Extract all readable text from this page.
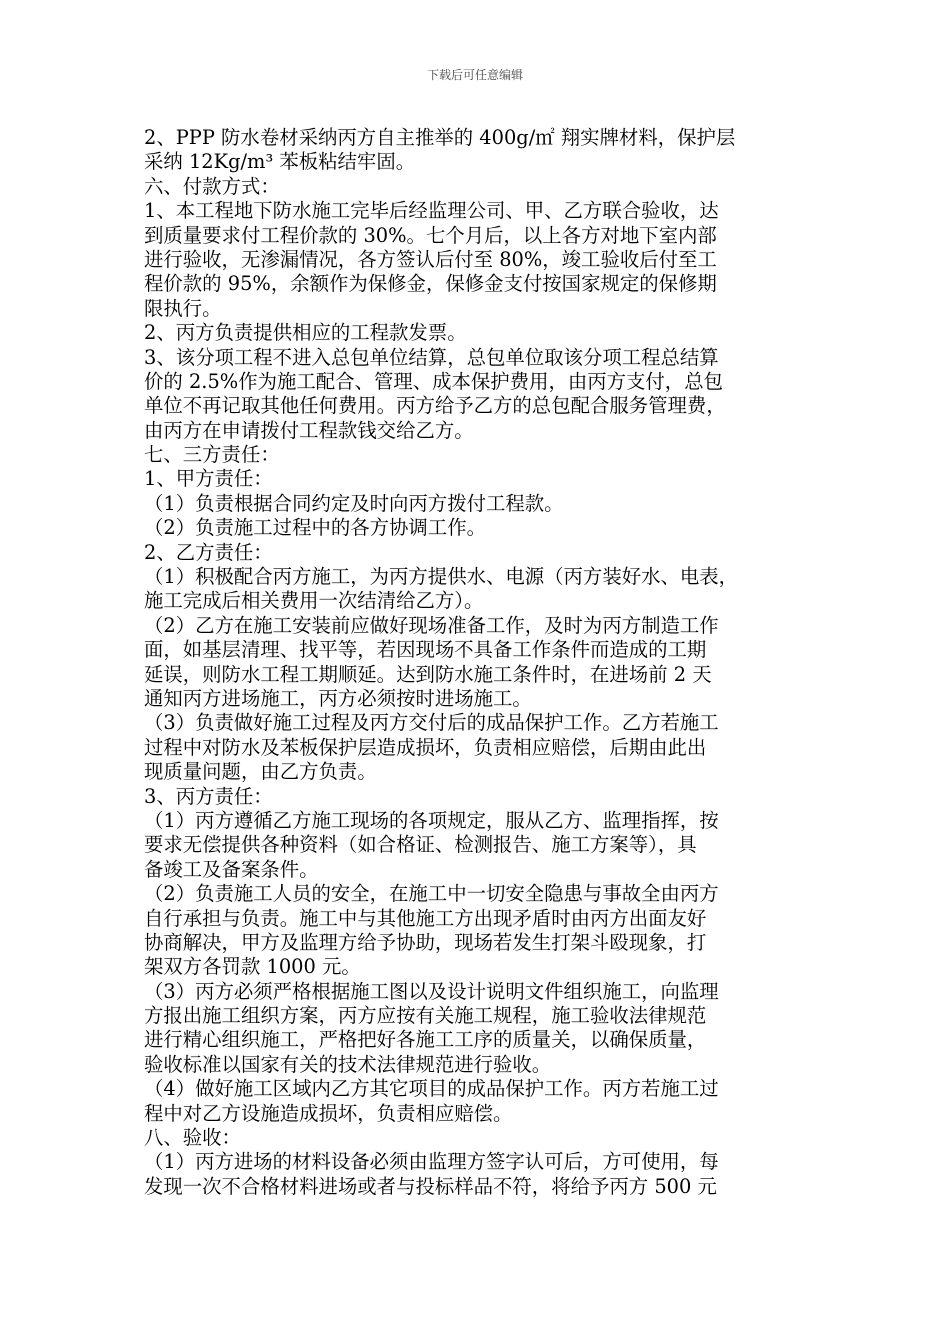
下载后可任意编辑
2、PPP 防水卷材采纳丙方自主推举的 400g/㎡ 翔实牌材料，保护层
采纳 12Kg/m³ 苯板粘结牢固。
六、付款方式：
1、本工程地下防水施工完毕后经监理公司、甲、乙方联合验收，达
到质量要求付工程价款的 30%。七个月后，以上各方对地下室内部
进行验收，无渗漏情况，各方签认后付至 80%，竣工验收后付至工
程价款的 95%，余额作为保修金，保修金支付按国家规定的保修期
限执行。
2、丙方负责提供相应的工程款发票。
3、该分项工程不进入总包单位结算，总包单位取该分项工程总结算
价的 2.5%作为施工配合、管理、成本保护费用，由丙方支付，总包
单位不再记取其他任何费用。丙方给予乙方的总包配合服务管理费，
由丙方在申请拨付工程款钱交给乙方。
七、三方责任：
1、甲方责任：
（1）负责根据合同约定及时向丙方拨付工程款。
（2）负责施工过程中的各方协调工作。
2、乙方责任：
（1）积极配合丙方施工，为丙方提供水、电源（丙方装好水、电表，
施工完成后相关费用一次结清给乙方）。
（2）乙方在施工安装前应做好现场准备工作，及时为丙方制造工作
面，如基层清理、找平等，若因现场不具备工作条件而造成的工期
延误，则防水工程工期顺延。达到防水施工条件时，在进场前 2 天
通知丙方进场施工，丙方必须按时进场施工。
（3）负责做好施工过程及丙方交付后的成品保护工作。乙方若施工
过程中对防水及苯板保护层造成损坏，负责相应赔偿，后期由此出
现质量问题，由乙方负责。
3、丙方责任：
（1）丙方遵循乙方施工现场的各项规定，服从乙方、监理指挥，按
要求无偿提供各种资料（如合格证、检测报告、施工方案等），具
备竣工及备案条件。
（2）负责施工人员的安全，在施工中一切安全隐患与事故全由丙方
自行承担与负责。施工中与其他施工方出现矛盾时由丙方出面友好
协商解决，甲方及监理方给予协助，现场若发生打架斗殴现象，打
架双方各罚款 1000 元。
（3）丙方必须严格根据施工图以及设计说明文件组织施工，向监理
方报出施工组织方案，丙方应按有关施工规程，施工验收法律规范
进行精心组织施工，严格把好各施工工序的质量关，以确保质量，
验收标准以国家有关的技术法律规范进行验收。
（4）做好施工区域内乙方其它项目的成品保护工作。丙方若施工过
程中对乙方设施造成损坏，负责相应赔偿。
八、验收：
（1）丙方进场的材料设备必须由监理方签字认可后，方可使用，每
发现一次不合格材料进场或者与投标样品不符，将给予丙方 500 元
